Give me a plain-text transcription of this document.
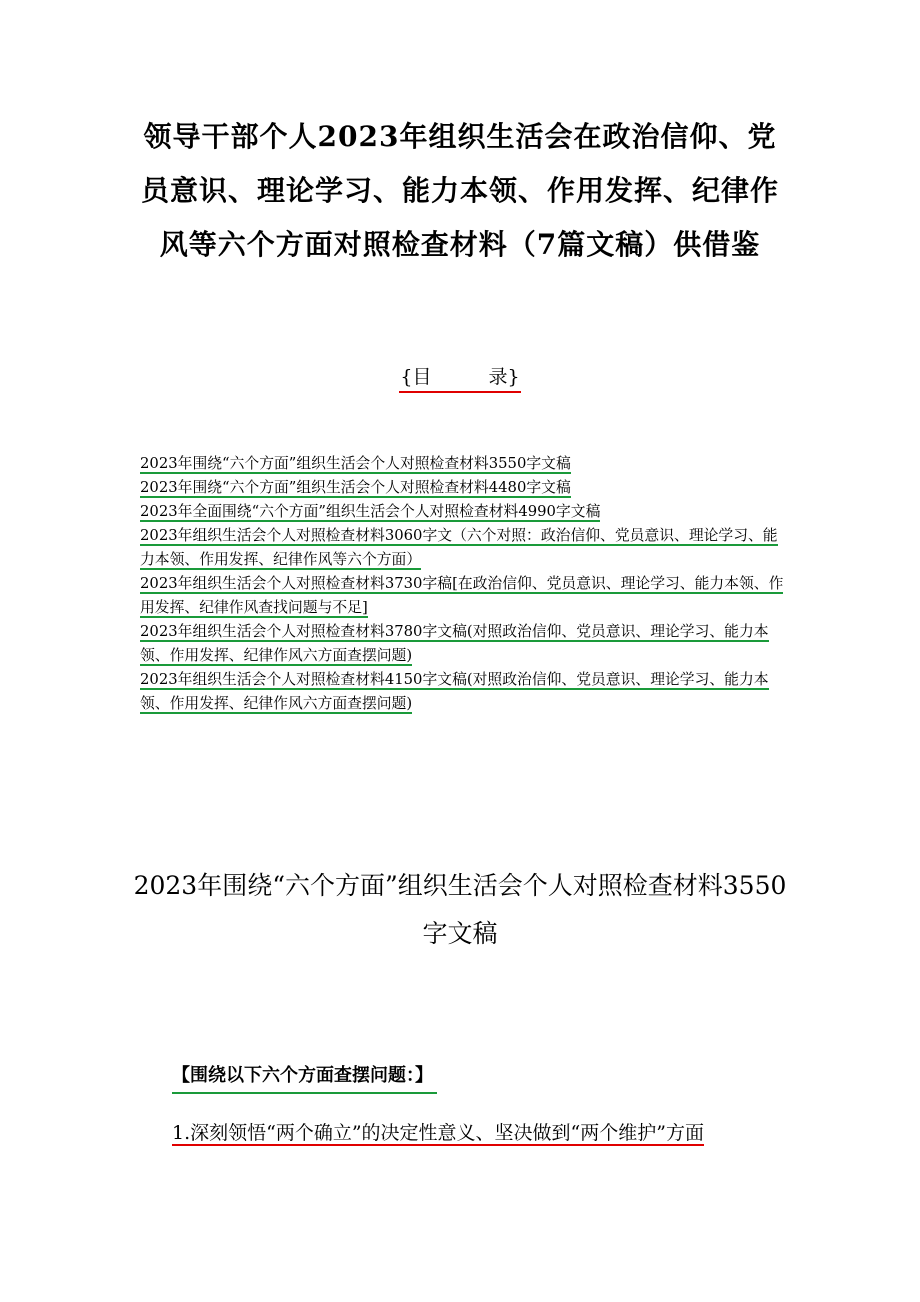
领导干部个人2023年组织生活会在政治信仰、党员意识、理论学习、能力本领、作用发挥、纪律作风等六个方面对照检查材料（7篇文稿）供借鉴
{目　　　录}
2023年围绕“六个方面”组织生活会个人对照检查材料3550字文稿
2023年围绕“六个方面”组织生活会个人对照检查材料4480字文稿
2023年全面围绕“六个方面”组织生活会个人对照检查材料4990字文稿
2023年组织生活会个人对照检查材料3060字文（六个对照：政治信仰、党员意识、理论学习、能力本领、作用发挥、纪律作风等六个方面）
2023年组织生活会个人对照检查材料3730字稿[在政治信仰、党员意识、理论学习、能力本领、作用发挥、纪律作风查找问题与不足]
2023年组织生活会个人对照检查材料3780字文稿(对照政治信仰、党员意识、理论学习、能力本领、作用发挥、纪律作风六方面查摆问题)
2023年组织生活会个人对照检查材料4150字文稿(对照政治信仰、党员意识、理论学习、能力本领、作用发挥、纪律作风六方面查摆问题)
2023年围绕“六个方面”组织生活会个人对照检查材料3550字文稿
【围绕以下六个方面查摆问题：】

1.深刻领悟“两个确立”的决定性意义、坚决做到“两个维护”方面
